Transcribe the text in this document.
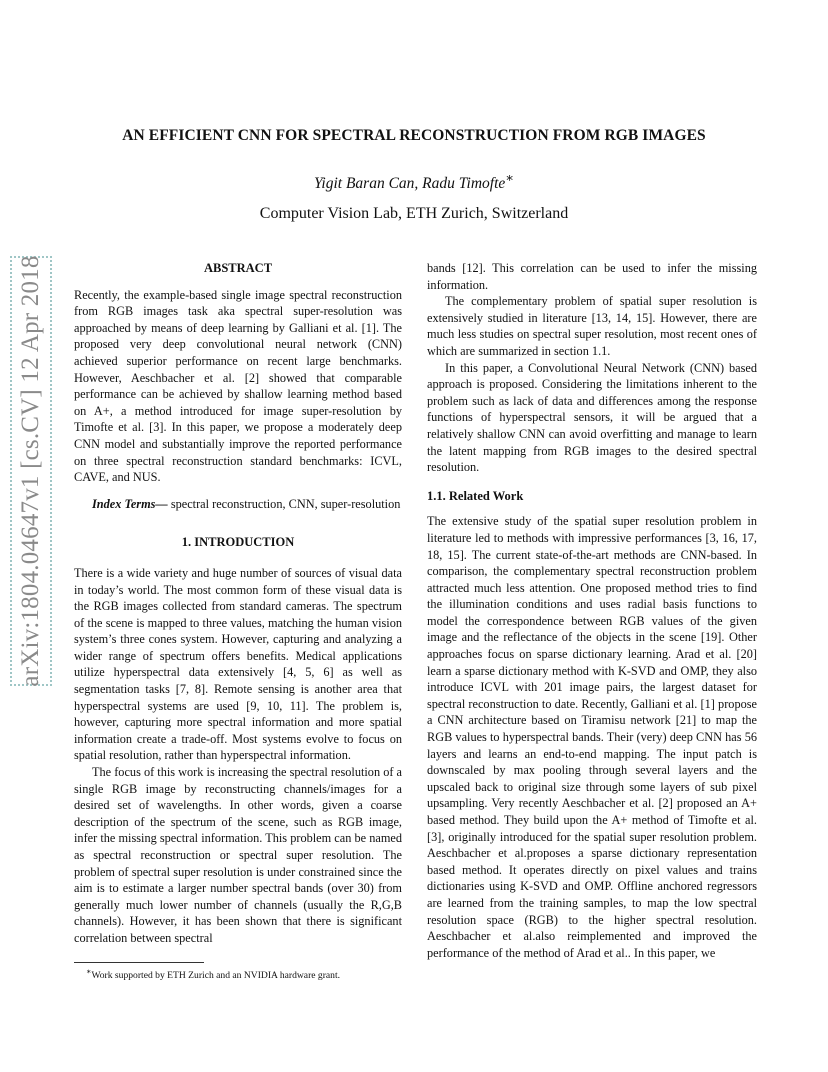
arXiv:1804.04647v1 [cs.CV] 12 Apr 2018
AN EFFICIENT CNN FOR SPECTRAL RECONSTRUCTION FROM RGB IMAGES
Yigit Baran Can, Radu Timofte∗
Computer Vision Lab, ETH Zurich, Switzerland
ABSTRACT

Recently, the example-based single image spectral reconstruction from RGB images task aka spectral super-resolution was approached by means of deep learning by Galliani et al. [1]. The proposed very deep convolutional neural network (CNN) achieved superior performance on recent large benchmarks. However, Aeschbacher et al. [2] showed that comparable performance can be achieved by shallow learning method based on A+, a method introduced for image super-resolution by Timofte et al. [3]. In this paper, we propose a moderately deep CNN model and substantially improve the reported performance on three spectral reconstruction standard benchmarks: ICVL, CAVE, and NUS.

Index Terms— spectral reconstruction, CNN, super-resolution

1. INTRODUCTION

There is a wide variety and huge number of sources of visual data in today’s world. The most common form of these visual data is the RGB images collected from standard cameras. The spectrum of the scene is mapped to three values, matching the human vision system’s three cones system. However, capturing and analyzing a wider range of spectrum offers benefits. Medical applications utilize hyperspectral data extensively [4, 5, 6] as well as segmentation tasks [7, 8]. Remote sensing is another area that hyperspectral systems are used [9, 10, 11]. The problem is, however, capturing more spectral information and more spatial information create a trade-off. Most systems evolve to focus on spatial resolution, rather than hyperspectral information.

The focus of this work is increasing the spectral resolution of a single RGB image by reconstructing channels/images for a desired set of wavelengths. In other words, given a coarse description of the spectrum of the scene, such as RGB image, infer the missing spectral information. This problem can be named as spectral reconstruction or spectral super resolution. The problem of spectral super resolution is under constrained since the aim is to estimate a larger number spectral bands (over 30) from generally much lower number of channels (usually the R,G,B channels). However, it has been shown that there is significant correlation between spectral

bands [12]. This correlation can be used to infer the missing information.

The complementary problem of spatial super resolution is extensively studied in literature [13, 14, 15]. However, there are much less studies on spectral super resolution, most recent ones of which are summarized in section 1.1.

In this paper, a Convolutional Neural Network (CNN) based approach is proposed. Considering the limitations inherent to the problem such as lack of data and differences among the response functions of hyperspectral sensors, it will be argued that a relatively shallow CNN can avoid overfitting and manage to learn the latent mapping from RGB images to the desired spectral resolution.

1.1. Related Work

The extensive study of the spatial super resolution problem in literature led to methods with impressive performances [3, 16, 17, 18, 15]. The current state-of-the-art methods are CNN-based. In comparison, the complementary spectral reconstruction problem attracted much less attention. One proposed method tries to find the illumination conditions and uses radial basis functions to model the correspondence between RGB values of the given image and the reflectance of the objects in the scene [19]. Other approaches focus on sparse dictionary learning. Arad et al. [20] learn a sparse dictionary method with K-SVD and OMP, they also introduce ICVL with 201 image pairs, the largest dataset for spectral reconstruction to date. Recently, Galliani et al. [1] propose a CNN architecture based on Tiramisu network [21] to map the RGB values to hyperspectral bands. Their (very) deep CNN has 56 layers and learns an end-to-end mapping. The input patch is downscaled by max pooling through several layers and the upscaled back to original size through some layers of sub pixel upsampling. Very recently Aeschbacher et al. [2] proposed an A+ based method. They build upon the A+ method of Timofte et al. [3], originally introduced for the spatial super resolution problem. Aeschbacher et al.proposes a sparse dictionary representation based method. It operates directly on pixel values and trains dictionaries using K-SVD and OMP. Offline anchored regressors are learned from the training samples, to map the low spectral resolution space (RGB) to the higher spectral resolution. Aeschbacher et al.also reimplemented and improved the performance of the method of Arad et al.. In this paper, we

∗Work supported by ETH Zurich and an NVIDIA hardware grant.
